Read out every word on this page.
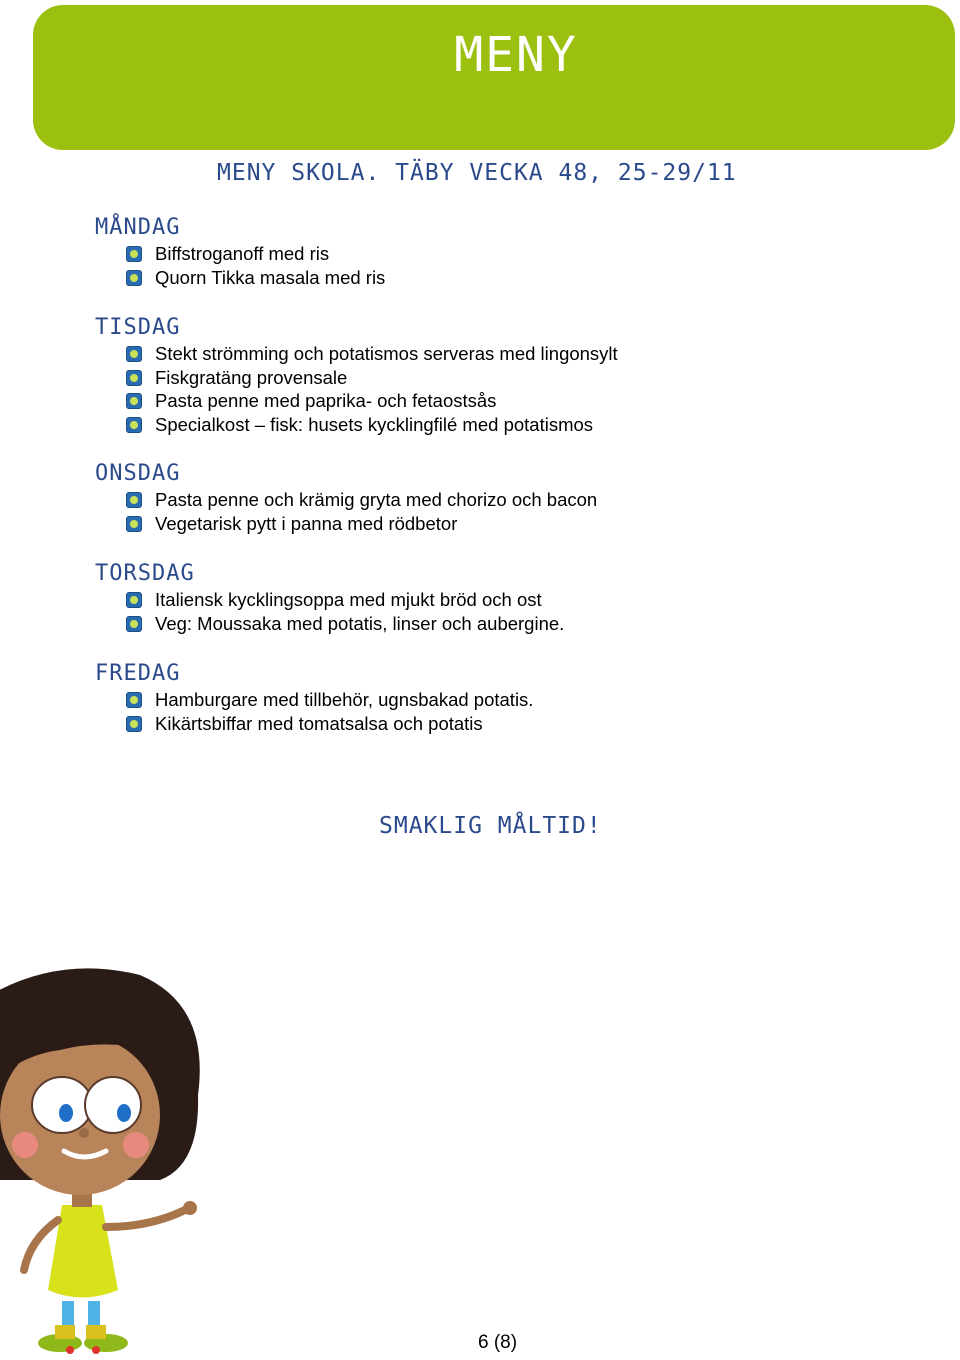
MENY
MENY SKOLA. TÄBY VECKA 48, 25-29/11
MÅNDAG
Biffstroganoff med ris
Quorn Tikka masala med ris
TISDAG
Stekt strömming och potatismos serveras med lingonsylt
Fiskgratäng provensale
Pasta penne med paprika- och fetaostsås
Specialkost – fisk: husets kycklingfilé med potatismos
ONSDAG
Pasta penne och krämig gryta med chorizo och bacon
Vegetarisk pytt i panna med rödbetor
TORSDAG
Italiensk kycklingsoppa med mjukt bröd och ost
Veg: Moussaka med potatis, linser och aubergine.
FREDAG
Hamburgare med tillbehör, ugnsbakad potatis.
Kikärtsbiffar med tomatsalsa och potatis
SMAKLIG MÅLTID!
6 (8)
